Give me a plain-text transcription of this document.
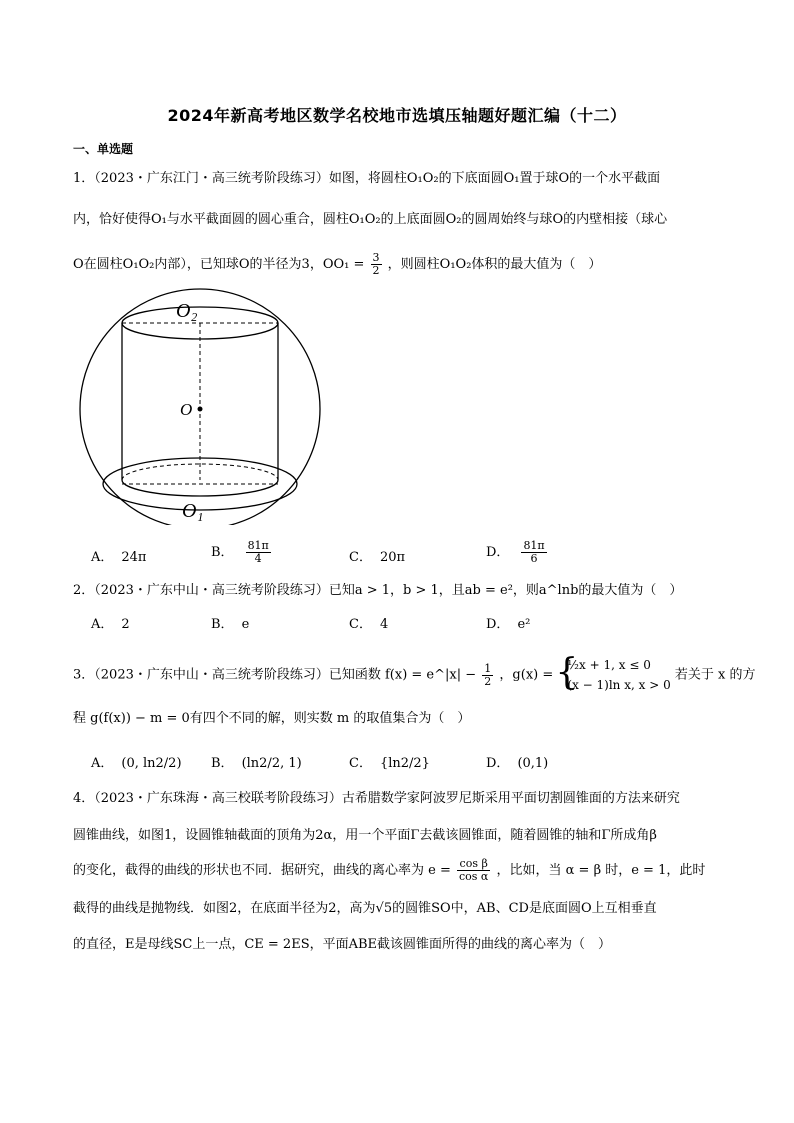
2024年新高考地区数学名校地市选填压轴题好题汇编（十二）
一、单选题
1．（2023・广东江门・高三统考阶段练习）如图，将圆柱O₁O₂的下底面圆O₁置于球O的一个水平截面
内，恰好使得O₁与水平截面圆的圆心重合，圆柱O₁O₂的上底面圆O₂的圆周始终与球O的内壁相接（球心
O在圆柱O₁O₂内部），已知球O的半径为3，$OO_1 = \frac{3}{2}$ ，则圆柱O₁O₂体积的最大值为（　）
O₂
O
O₁
A． 24π	B． $\frac{81\pi}{4}$	C． 20π	D． $\frac{81\pi}{6}$
2．（2023・广东中山・高三统考阶段练习）已知a > 1，b > 1，且ab = e²，则a^lnb的最大值为（　）
A． 2	B． e	C． 4	D． e²
3．（2023・广东中山・高三统考阶段练习）已知函数 f(x) = e^|x| − $\frac{1}{2}$ ，g(x) =
{ ½x + 1, x ≤ 0
(x − 1)ln x, x > 0
若关于 x 的方
程 g(f(x)) − m = 0有四个不同的解，则实数 m 的取值集合为（　）
A． (0, ln2/2) B． (ln2/2, 1)	C． {ln2/2}	D． (0,1)
4．（2023・广东珠海・高三校联考阶段练习）古希腊数学家阿波罗尼斯采用平面切割圆锥面的方法来研究
圆锥曲线，如图1，设圆锥轴截面的顶角为2α，用一个平面Γ去截该圆锥面，随着圆锥的轴和Γ所成角β
的变化，截得的曲线的形状也不同．据研究，曲线的离心率为 $e = \frac{\text{cos β}}{\text{cos α}}$ ，比如，当 α = β 时，e = 1，此时
截得的曲线是抛物线．如图2，在底面半径为2，高为√5的圆锥SO中，AB、CD是底面圆O上互相垂直
的直径，E是母线SC上一点，CE = 2ES，平面ABE截该圆锥面所得的曲线的离心率为（　）
